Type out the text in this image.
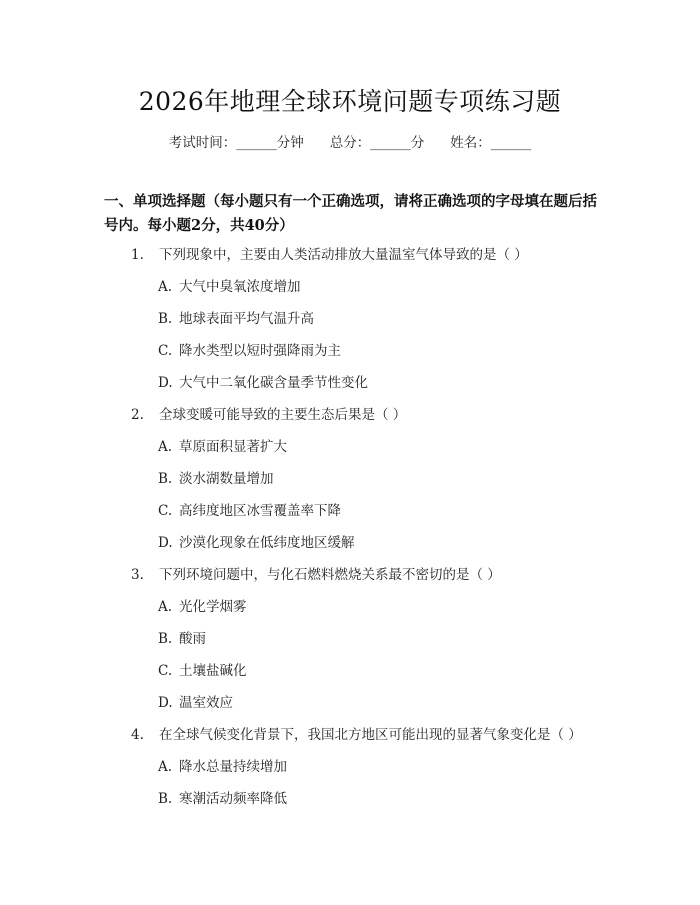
2026年地理全球环境问题专项练习题
考试时间：______分钟 总分：______分 姓名：______
一、单项选择题（每小题只有一个正确选项，请将正确选项的字母填在题后括号内。每小题2分，共40分）
1. 下列现象中，主要由人类活动排放大量温室气体导致的是（ ）
A. 大气中臭氧浓度增加
B. 地球表面平均气温升高
C. 降水类型以短时强降雨为主
D. 大气中二氧化碳含量季节性变化
2. 全球变暖可能导致的主要生态后果是（ ）
A. 草原面积显著扩大
B. 淡水湖数量增加
C. 高纬度地区冰雪覆盖率下降
D. 沙漠化现象在低纬度地区缓解
3. 下列环境问题中，与化石燃料燃烧关系最不密切的是（ ）
A. 光化学烟雾
B. 酸雨
C. 土壤盐碱化
D. 温室效应
4. 在全球气候变化背景下，我国北方地区可能出现的显著气象变化是（ ）
A. 降水总量持续增加
B. 寒潮活动频率降低
